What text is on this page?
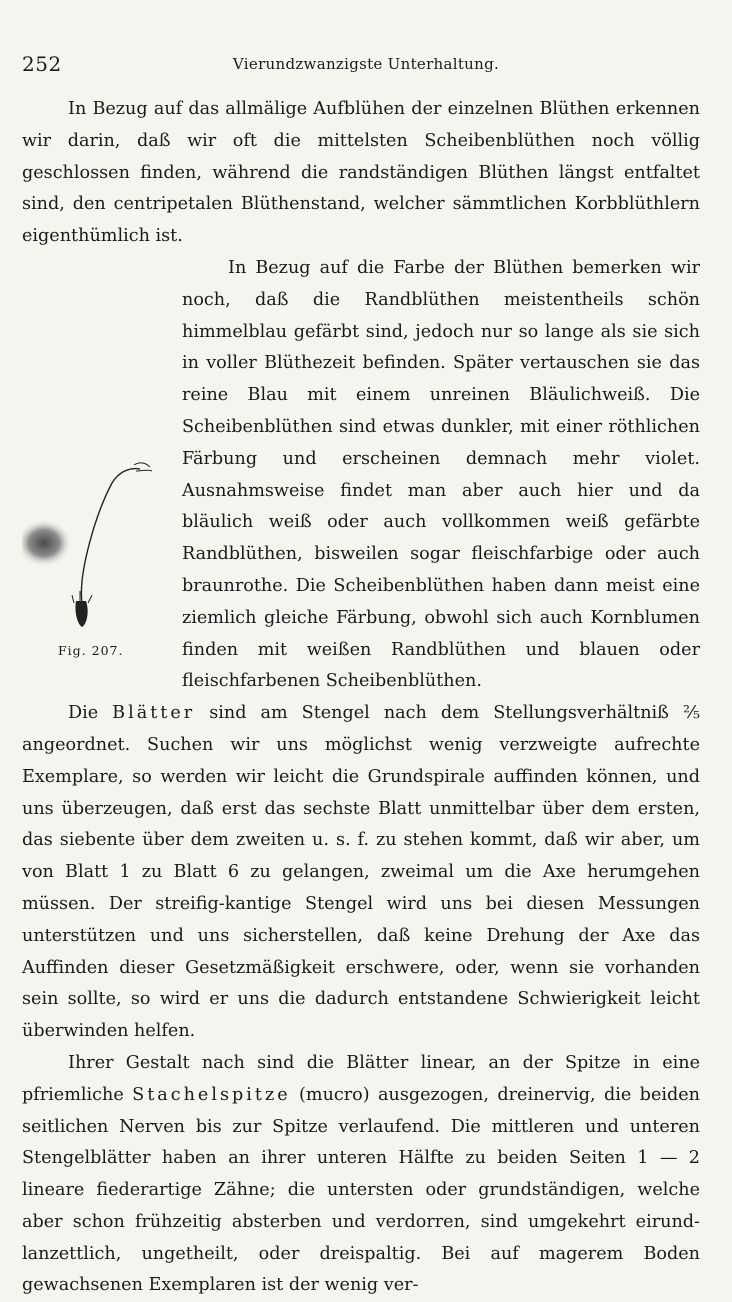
252	Vierundzwanzigste Unterhaltung.

In Bezug auf das allmälige Aufblühen der einzelnen Blüthen erkennen wir darin, daß wir oft die mittelsten Scheibenblüthen noch völlig geschlossen finden, während die randständigen Blüthen längst entfaltet sind, den centripetalen Blüthenstand, welcher sämmtlichen Korbblüthlern eigenthümlich ist.

Fig. 207.

In Bezug auf die Farbe der Blüthen bemerken wir noch, daß die Randblüthen meistentheils schön himmelblau gefärbt sind, jedoch nur so lange als sie sich in voller Blüthezeit befinden. Später vertauschen sie das reine Blau mit einem unreinen Bläulichweiß. Die Scheibenblüthen sind etwas dunkler, mit einer röthlichen Färbung und erscheinen demnach mehr violet. Ausnahmsweise findet man aber auch hier und da bläulich weiß oder auch vollkommen weiß gefärbte Randblüthen, bisweilen sogar fleischfarbige oder auch braunrothe. Die Scheibenblüthen haben dann meist eine ziemlich gleiche Färbung, obwohl sich auch Kornblumen finden mit weißen Randblüthen und blauen oder fleischfarbenen Scheibenblüthen.

Die Blätter sind am Stengel nach dem Stellungsverhältniß ⅖ angeordnet. Suchen wir uns möglichst wenig verzweigte aufrechte Exemplare, so werden wir leicht die Grundspirale auffinden können, und uns überzeugen, daß erst das sechste Blatt unmittelbar über dem ersten, das siebente über dem zweiten u. s. f. zu stehen kommt, daß wir aber, um von Blatt 1 zu Blatt 6 zu gelangen, zweimal um die Axe herumgehen müssen. Der streifig-kantige Stengel wird uns bei diesen Messungen unterstützen und uns sicherstellen, daß keine Drehung der Axe das Auffinden dieser Gesetzmäßigkeit erschwere, oder, wenn sie vorhanden sein sollte, so wird er uns die dadurch entstandene Schwierigkeit leicht überwinden helfen.

Ihrer Gestalt nach sind die Blätter linear, an der Spitze in eine pfriemliche Stachelspitze (mucro) ausgezogen, dreinervig, die beiden seitlichen Nerven bis zur Spitze verlaufend. Die mittleren und unteren Stengelblätter haben an ihrer unteren Hälfte zu beiden Seiten 1 — 2 lineare fiederartige Zähne; die untersten oder grundständigen, welche aber schon frühzeitig absterben und verdorren, sind umgekehrt eirund-lanzettlich, ungetheilt, oder dreispaltig. Bei auf magerem Boden gewachsenen Exemplaren ist der wenig ver-
